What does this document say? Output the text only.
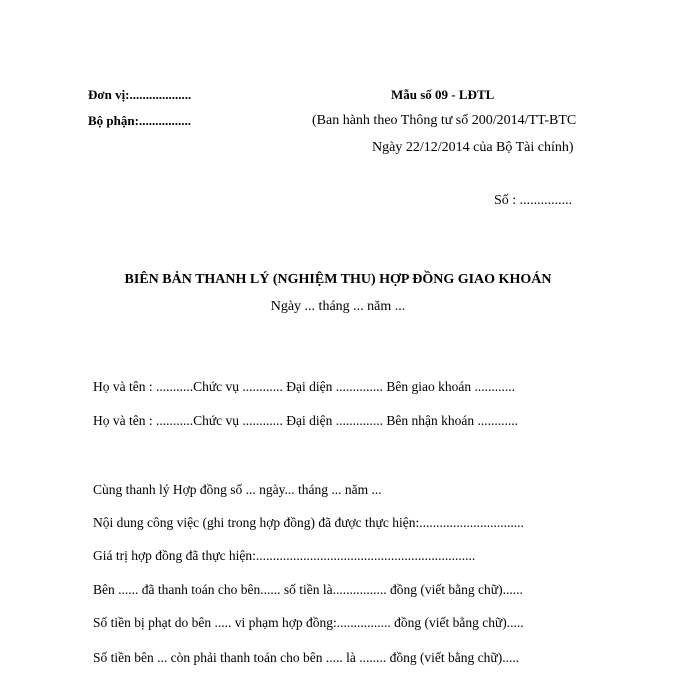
Đơn vị:...................
Bộ phận:................
Mẫu số 09 - LĐTL
(Ban hành theo Thông tư số 200/2014/TT-BTC
Ngày 22/12/2014 của Bộ Tài chính)
Số : ...............
BIÊN BẢN THANH LÝ (NGHIỆM THU) HỢP ĐỒNG GIAO KHOÁN
Ngày ... tháng ... năm ...
Họ và tên : ...........Chức vụ ............ Đại diện .............. Bên giao khoán ............
Họ và tên : ...........Chức vụ ............ Đại diện .............. Bên nhận khoán ............
Cùng thanh lý Hợp đồng số ... ngày... tháng ... năm ...
Nội dung công việc (ghi trong hợp đồng) đã được thực hiện:...............................
Giá trị hợp đồng đã thực hiện:.................................................................
Bên ...... đã thanh toán cho bên...... số tiền là................ đồng (viết bằng chữ)......
Số tiền bị phạt do bên ..... vi phạm hợp đồng:................ đồng (viết bằng chữ).....
Số tiền bên ... còn phải thanh toán cho bên ..... là ........ đồng (viết bằng chữ).....
